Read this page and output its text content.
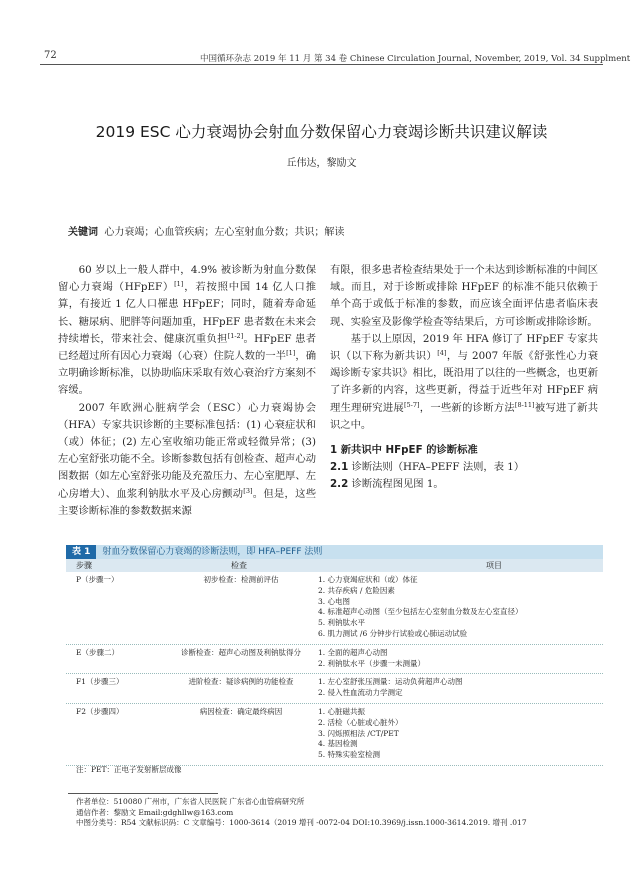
72	中国循环杂志 2019 年 11 月 第 34 卷 Chinese Circulation Journal, November, 2019, Vol. 34 Supplment
2019 ESC 心力衰竭协会射血分数保留心力衰竭诊断共识建议解读
丘伟达，黎励文
关键词 心力衰竭；心血管疾病；左心室射血分数；共识；解读

60 岁以上一般人群中，4.9% 被诊断为射血分数保留心力衰竭（HFpEF）[1]，若按照中国 14 亿人口推算，有接近 1 亿人口罹患 HFpEF；同时，随着寿命延长、糖尿病、肥胖等问题加重，HFpEF 患者数在未来会持续增长，带来社会、健康沉重负担[1-2]。HFpEF 患者已经超过所有因心力衰竭（心衰）住院人数的一半[1]，确立明确诊断标准，以协助临床采取有效心衰治疗方案刻不容缓。

2007 年欧洲心脏病学会（ESC）心力衰竭协会（HFA）专家共识诊断的主要标准包括：(1) 心衰症状和（或）体征；(2) 左心室收缩功能正常或轻微异常；(3) 左心室舒张功能不全。诊断参数包括有创检查、超声心动图数据（如左心室舒张功能及充盈压力、左心室肥厚、左心房增大）、血浆利钠肽水平及心房颤动[3]。但是，这些主要诊断标准的参数数据来源

有限，很多患者检查结果处于一个未达到诊断标准的中间区域。而且，对于诊断或排除 HFpEF 的标准不能只依赖于单个高于或低于标准的参数，而应该全面评估患者临床表现、实验室及影像学检查等结果后，方可诊断或排除诊断。

基于以上原因，2019 年 HFA 修订了 HFpEF 专家共识（以下称为新共识）[4]，与 2007 年版《舒张性心力衰竭诊断专家共识》相比，既沿用了以往的一些概念，也更新了许多新的内容，这些更新，得益于近些年对 HFpEF 病理生理研究进展[5-7]，一些新的诊断方法[8-11]被写进了新共识之中。

1 新共识中 HFpEF 的诊断标准

2.1 诊断法则（HFA–PEFF 法则，表 1）

2.2 诊断流程图见图 1。

表 1 射血分数保留心力衰竭的诊断法则，即 HFA–PEFF 法则
步骤	检查	项目
P（步骤一）	初步检查：检测前评估	1. 心力衰竭症状和（或）体征
2. 共存疾病 / 危险因素
3. 心电图
4. 标准超声心动图（至少包括左心室射血分数及左心室直径）
5. 利钠肽水平
6. 肌力测试 /6 分钟步行试验或心肺运动试验
E（步骤二）	诊断检查：超声心动图及利钠肽得分	1. 全面的超声心动图
2. 利钠肽水平（步骤一未测量）
F1（步骤三）	进阶检查：疑诊病例的功能检查	1. 左心室舒张压测量：运动负荷超声心动图
2. 侵入性血流动力学测定
F2（步骤四）	病因检查：确定最终病因	1. 心脏磁共振
2. 活检（心脏或心脏外）
3. 闪烁照相法 /CT/PET
4. 基因检测
5. 特殊实验室检测
注：PET：正电子发射断层成像
作者单位：510080 广州市，广东省人民医院 广东省心血管病研究所
通信作者：黎励文 Email:gdghllw@163.com
中图分类号：R54 文献标识码：C 文章编号：1000-3614（2019 增刊 -0072-04 DOI:10.3969/j.issn.1000-3614.2019. 增刊 .017
